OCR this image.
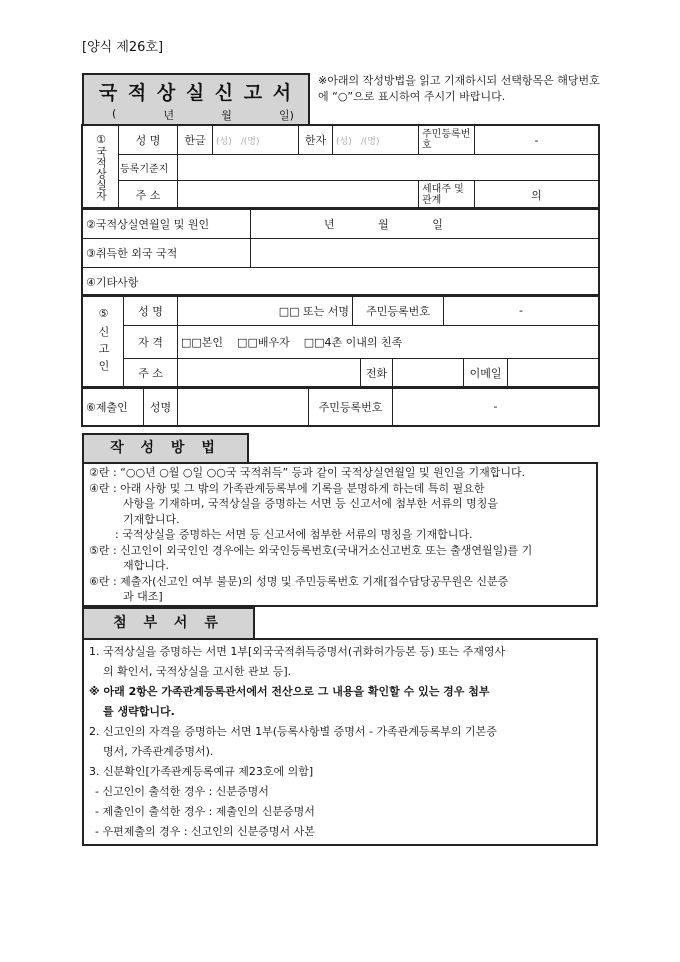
[양식 제26호]
국 적 상 실 신 고 서
(	년	월	일)
※아래의 작성방법을 읽고 기재하시되 선택항목은 해당번호에 “○”으로 표시하여 주시기 바랍니다.
①국적상실자	성 명	한글	(성)　/(명)	한자	(성)　/(명)	주민등록번호	-
	등록기준지						
	주 소					세대주 및 관계	의
②국적상실연월일 및 원인	년 월 일
③취득한 외국 국적	
④기타사항	
⑤신고인	성 명	□□ 또는 서명	주민등록번호			-		
	자 격	□□본인 □□배우자 □□4촌 이내의 친족						
	주 소			전화			이메일	
⑥제출인	성명		주민등록번호	-
작 성 방 법
②란 : “○○년 ○월 ○일 ○○국 국적취득” 등과 같이 국적상실연월일 및 원인을 기재합니다.
④란 : 아래 사항 및 그 밖의 가족관계등록부에 기록을 분명하게 하는데 특히 필요한
사항을 기재하며, 국적상실을 증명하는 서면 등 신고서에 첨부한 서류의 명칭을
기재합니다.
: 국적상실을 증명하는 서면 등 신고서에 첨부한 서류의 명칭을 기재합니다.
⑤란 : 신고인이 외국인인 경우에는 외국인등록번호(국내거소신고번호 또는 출생연월일)를 기
재합니다.
⑥란 : 제출자(신고인 여부 불문)의 성명 및 주민등록번호 기재[접수담당공무원은 신분증
과 대조]
첨 부 서 류
1. 국적상실을 증명하는 서면 1부[외국국적취득증명서(귀화허가등본 등) 또는 주재영사
의 확인서, 국적상실을 고시한 관보 등].
※ 아래 2항은 가족관계등록관서에서 전산으로 그 내용을 확인할 수 있는 경우 첨부
를 생략합니다.
2. 신고인의 자격을 증명하는 서면 1부(등록사항별 증명서 - 가족관계등록부의 기본증
명서, 가족관계증명서).
3. 신분확인[가족관계등록예규 제23호에 의함]
- 신고인이 출석한 경우 : 신분증명서
- 제출인이 출석한 경우 : 제출인의 신분증명서
- 우편제출의 경우 : 신고인의 신분증명서 사본
